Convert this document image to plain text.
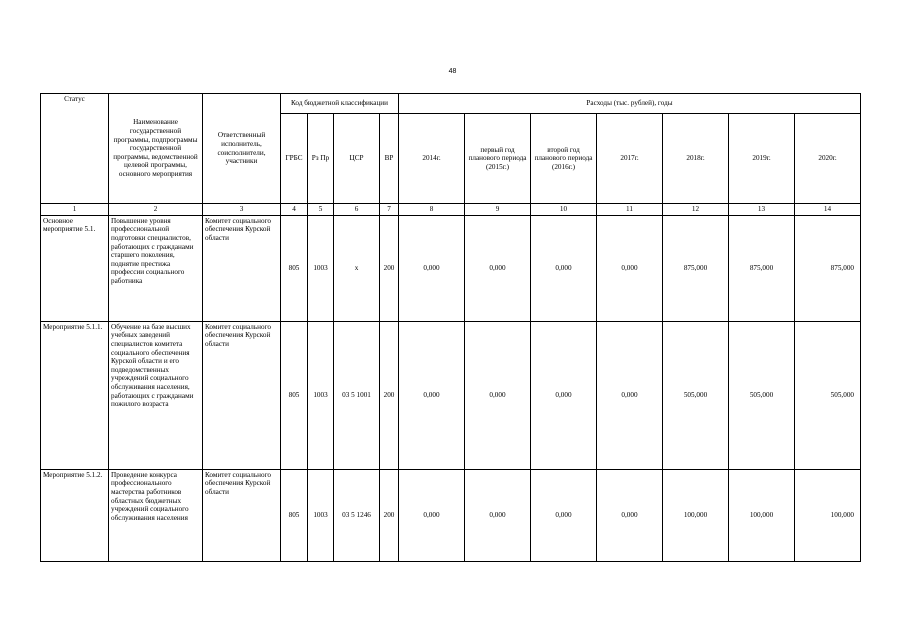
48
Статус	Наименование государственной программы, подпрограммы государственной программы, ведомственной целевой программы, основного мероприятия	Ответственный исполнитель, соисполнители, участники	Код бюджетной классификации				Расходы (тыс. рублей), годы						
			ГРБС	Рз Пр	ЦСР	ВР	2014г.	первый год планового периода (2015г.)	второй год планового периода (2016г.)	2017г.	2018г.	2019г.	2020г.
1	2	3	4	5	6	7	8	9	10	11	12	13	14
Основное мероприятие 5.1.	Повышение уровня профессиональной подготовки специалистов, работающих с гражданами старшего поколения, поднятие престижа профессии социального работника	Комитет социального обеспечения Курской области	805	1003	х	200	0,000	0,000	0,000	0,000	875,000	875,000	875,000
Мероприятие 5.1.1.	Обучение на базе высших учебных заведений специалистов комитета социального обеспечения Курской области и его подведомственных учреждений социального обслуживания населения, работающих с гражданами пожилого возраста	Комитет социального обеспечения Курской области	805	1003	03 5 1001	200	0,000	0,000	0,000	0,000	505,000	505,000	505,000
Мероприятие 5.1.2.	Проведение конкурса профессионального мастерства работников областных бюджетных учреждений социального обслуживания населения	Комитет социального обеспечения Курской области	805	1003	03 5 1246	200	0,000	0,000	0,000	0,000	100,000	100,000	100,000
